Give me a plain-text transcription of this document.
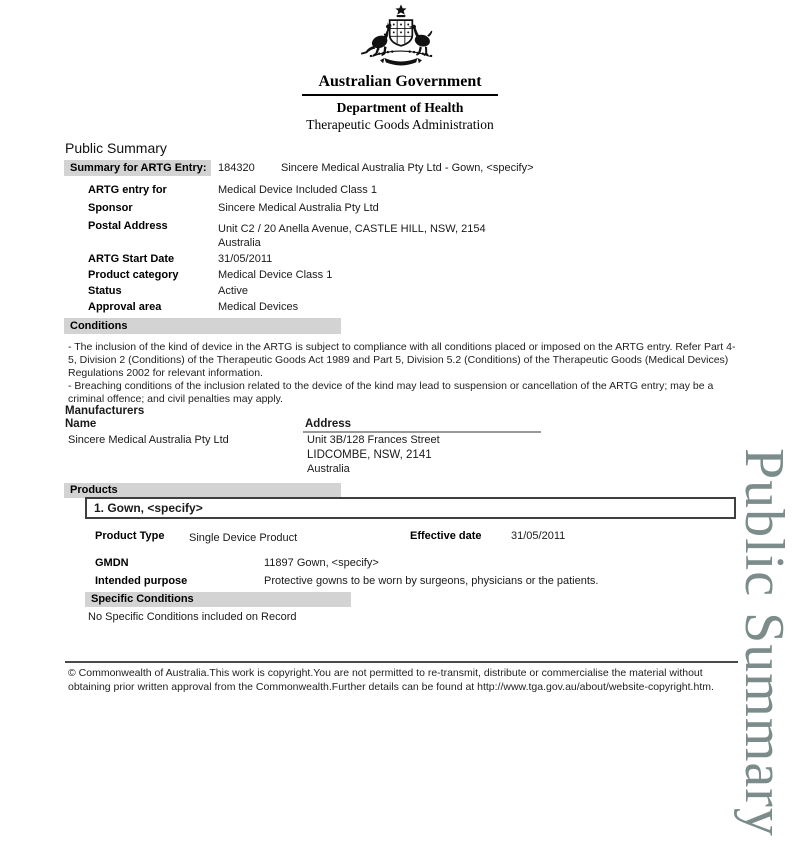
Australian Government
Department of Health
Therapeutic Goods Administration
Public Summary
Summary for ARTG Entry:	184320 Sincere Medical Australia Pty Ltd - Gown, <specify>
ARTG entry for	Medical Device Included Class 1
Sponsor	Sincere Medical Australia Pty Ltd
Postal Address	Unit C2 / 20 Anella Avenue, CASTLE HILL, NSW, 2154
Australia
ARTG Start Date	31/05/2011
Product category	Medical Device Class 1
Status	Active
Approval area	Medical Devices
Conditions
- The inclusion of the kind of device in the ARTG is subject to compliance with all conditions placed or imposed on the ARTG entry. Refer Part 4-5, Division 2 (Conditions) of the Therapeutic Goods Act 1989 and Part 5, Division 5.2 (Conditions) of the Therapeutic Goods (Medical Devices) Regulations 2002 for relevant information.
- Breaching conditions of the inclusion related to the device of the kind may lead to suspension or cancellation of the ARTG entry; may be a criminal offence; and civil penalties may apply.
Manufacturers
Name	Address
Sincere Medical Australia Pty Ltd	Unit 3B/128 Frances Street
LIDCOMBE, NSW, 2141
Australia
Products
1. Gown, <specify>
Product Type Single Device Product	Effective date	31/05/2011
GMDN	11897 Gown, <specify>
Intended purpose	Protective gowns to be worn by surgeons, physicians or the patients.
Specific Conditions
No Specific Conditions included on Record
© Commonwealth of Australia.This work is copyright.You are not permitted to re-transmit, distribute or commercialise the material without obtaining prior written approval from the Commonwealth.Further details can be found at http://www.tga.gov.au/about/website-copyright.htm. Public Summary
